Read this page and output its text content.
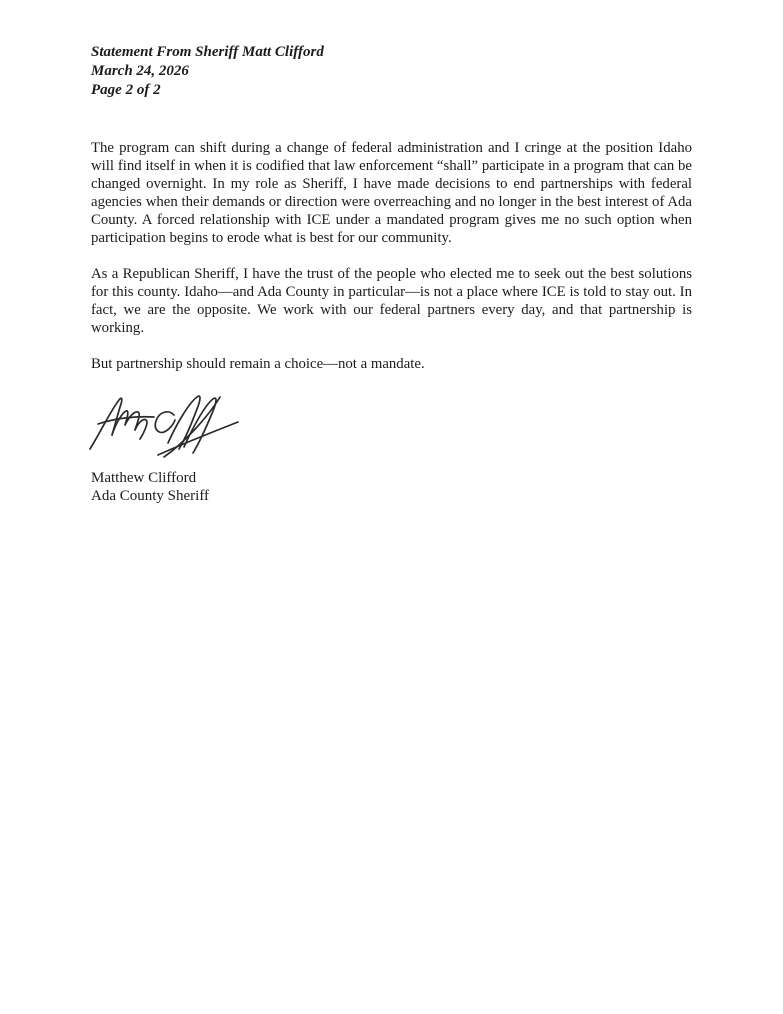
Statement From Sheriff Matt Clifford
March 24, 2026
Page 2 of 2

The program can shift during a change of federal administration and I cringe at the position Idaho will find itself in when it is codified that law enforcement “shall” participate in a program that can be changed overnight. In my role as Sheriff, I have made decisions to end partnerships with federal agencies when their demands or direction were overreaching and no longer in the best interest of Ada County. A forced relationship with ICE under a mandated program gives me no such option when participation begins to erode what is best for our community.

As a Republican Sheriff, I have the trust of the people who elected me to seek out the best solutions for this county. Idaho—and Ada County in particular—is not a place where ICE is told to stay out. In fact, we are the opposite. We work with our federal partners every day, and that partnership is working.

But partnership should remain a choice—not a mandate.

Matthew Clifford
Ada County Sheriff
